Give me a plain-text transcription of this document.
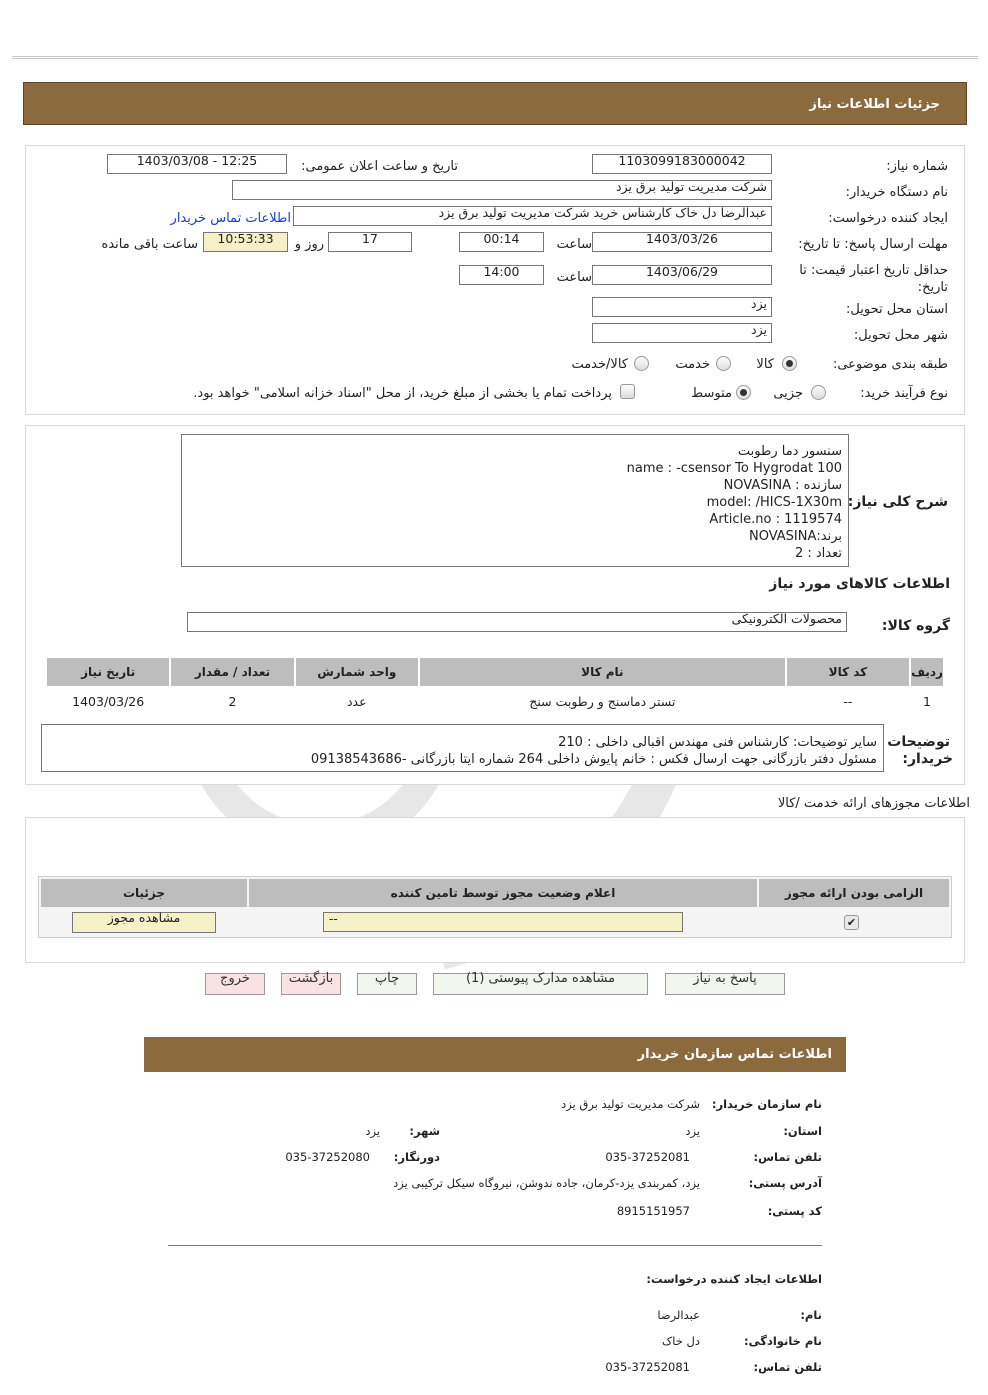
جزئیات اطلاعات نیاز
شماره نیاز:
1103099183000042
تاریخ و ساعت اعلان عمومی:
1403/03/08 - 12:25
نام دستگاه خریدار:
شرکت مدیریت تولید برق یزد
ایجاد کننده درخواست:
عبدالرضا دل خاک کارشناس خرید شرکت مدیریت تولید برق یزد
اطلاعات تماس خریدار
مهلت ارسال پاسخ: تا تاریخ:
1403/03/26
ساعت
00:14
17
روز و
10:53:33
ساعت باقی مانده
حداقل تاریخ اعتبار قیمت: تا تاریخ:
1403/06/29
ساعت
14:00
استان محل تحویل:
یزد
شهر محل تحویل:
یزد
طبقه بندی موضوعی:
کالا
خدمت
کالا/خدمت
نوع فرآیند خرید:
جزیی
متوسط
پرداخت تمام یا بخشی از مبلغ خرید، از محل "اسناد خزانه اسلامی" خواهد بود.
سنسور دما رطوبت
name : -csensor To Hygrodat 100
سازنده : NOVASINA
model: /HICS-1X30m
Article.no : 1119574
برند:NOVASINA
تعداد : 2
شرح کلی نیاز:
اطلاعات کالاهای مورد نیاز
گروه کالا:
محصولات الکترونیکی
ردیف	کد کالا	نام کالا	واحد شمارش	تعداد / مقدار	تاریخ نیاز
1	--	تستر دماسنج و رطوبت سنج	عدد	2	1403/03/26
توضیحات
خریدار:
سایر توضیحات: کارشناس فنی مهندس اقبالی داخلی : 210
مسئول دفتر بازرگانی جهت ارسال فکس : خانم پایوش داخلی 264 شماره ایتا بازرگانی -09138543686
اطلاعات مجوزهای ارائه خدمت /کالا
الزامی بودن ارائه مجوز	اعلام وضعیت مجوز توسط تامین کننده	جزئیات
✔	--	مشاهده مجوز
پاسخ به نیاز
مشاهده مدارک پیوستی (1)
چاپ
بازگشت
خروج
اطلاعات تماس سازمان خریدار
نام سازمان خریدار:
شرکت مدیریت تولید برق یزد
استان:
یزد
شهر:
یزد
تلفن تماس:
035-37252081
دورنگار:
035-37252080
آدرس پستی:
یزد، کمربندی یزد-کرمان، جاده ندوشن، نیروگاه سیکل ترکیبی یزد
کد پستی:
8915151957
اطلاعات ایجاد کننده درخواست:
نام:
عبدالرضا
نام خانوادگی:
دل خاک
تلفن تماس:
035-37252081
